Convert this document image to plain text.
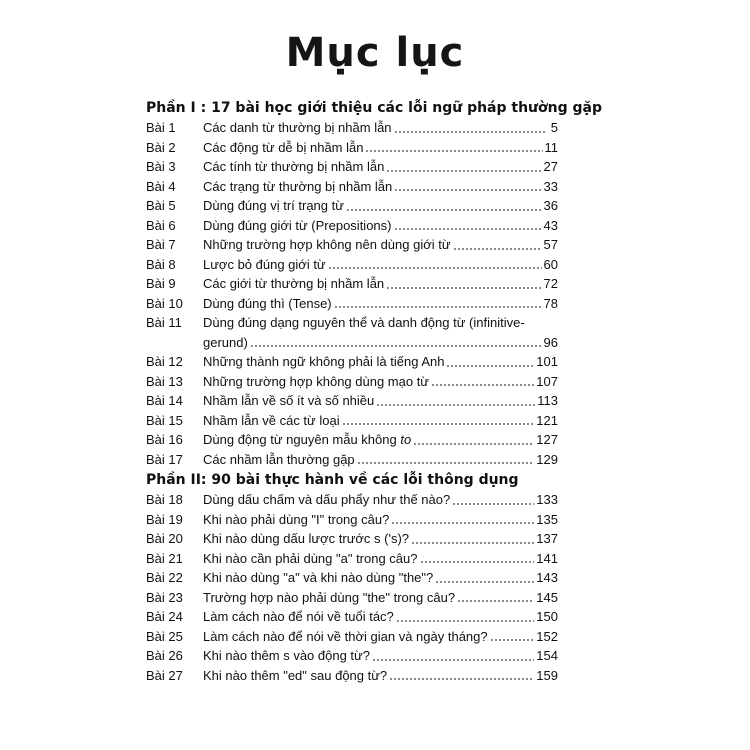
Mục lục
Phần I : 17 bài học giới thiệu các lỗi ngữ pháp thường gặp
Bài 1	Các danh từ thường bị nhầm lẫn	5
Bài 2	Các động từ dễ bị nhầm lẫn	11
Bài 3	Các tính từ thường bị nhầm lẫn	27
Bài 4	Các trạng từ thường bị nhầm lẫn	33
Bài 5	Dùng đúng vị trí trạng từ	36
Bài 6	Dùng đúng giới từ (Prepositions)	43
Bài 7	Những trường hợp không nên dùng giới từ	57
Bài 8	Lược bỏ đúng giới từ	60
Bài 9	Các giới từ thường bị nhầm lẫn	72
Bài 10	Dùng đúng thì (Tense)	78
Bài 11	Dùng đúng dạng nguyên thể và danh động từ (infinitive-
gerund)	96
Bài 12	Những thành ngữ không phải là tiếng Anh	101
Bài 13	Những trường hợp không dùng mạo từ	107
Bài 14	Nhầm lẫn về số ít và số nhiều	113
Bài 15	Nhầm lẫn về các từ loại	121
Bài 16	Dùng động từ nguyên mẫu không to	127
Bài 17	Các nhầm lẫn thường gặp	129
Phần II: 90 bài thực hành về các lỗi thông dụng
Bài 18	Dùng dấu chấm và dấu phẩy như thế nào?	133
Bài 19	Khi nào phải dùng "I" trong câu?	135
Bài 20	Khi nào dùng dấu lược trước s ('s)?	137
Bài 21	Khi nào cần phải dùng "a" trong câu?	141
Bài 22	Khi nào dùng "a" và khi nào dùng "the"?	143
Bài 23	Trường hợp nào phải dùng "the" trong câu?	145
Bài 24	Làm cách nào để nói về tuổi tác?	150
Bài 25	Làm cách nào để nói về thời gian và ngày tháng?	152
Bài 26	Khi nào thêm s vào động từ?	154
Bài 27	Khi nào thêm "ed" sau động từ?	159
